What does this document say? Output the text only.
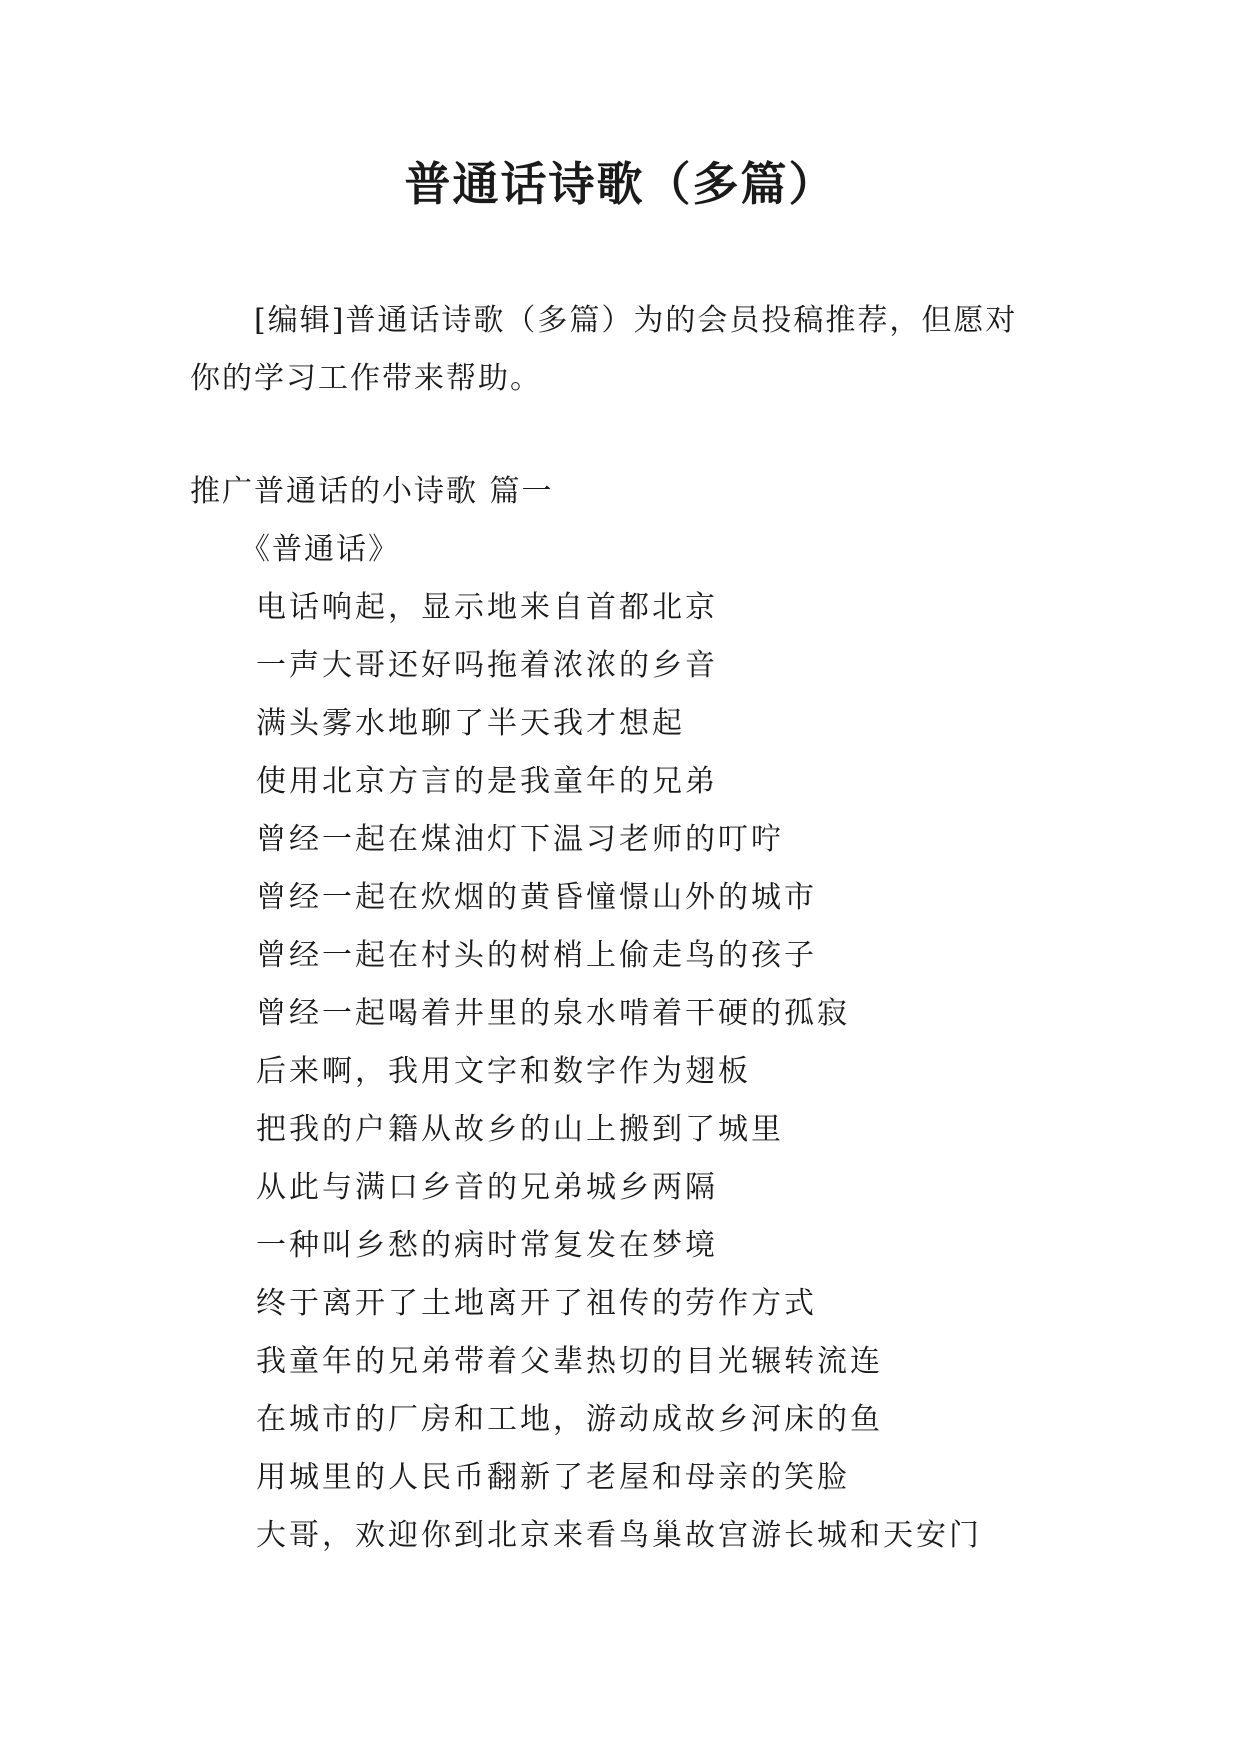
普通话诗歌（多篇）

[编辑]普通话诗歌（多篇）为的会员投稿推荐，但愿对
你的学习工作带来帮助。

推广普通话的小诗歌 篇一

《普通话》

电话响起，显示地来自首都北京
一声大哥还好吗拖着浓浓的乡音
满头雾水地聊了半天我才想起
使用北京方言的是我童年的兄弟
曾经一起在煤油灯下温习老师的叮咛
曾经一起在炊烟的黄昏憧憬山外的城市
曾经一起在村头的树梢上偷走鸟的孩子
曾经一起喝着井里的泉水啃着干硬的孤寂
后来啊，我用文字和数字作为翅板
把我的户籍从故乡的山上搬到了城里
从此与满口乡音的兄弟城乡两隔
一种叫乡愁的病时常复发在梦境
终于离开了土地离开了祖传的劳作方式
我童年的兄弟带着父辈热切的目光辗转流连
在城市的厂房和工地，游动成故乡河床的鱼
用城里的人民币翻新了老屋和母亲的笑脸
大哥，欢迎你到北京来看鸟巢故宫游长城和天安门
